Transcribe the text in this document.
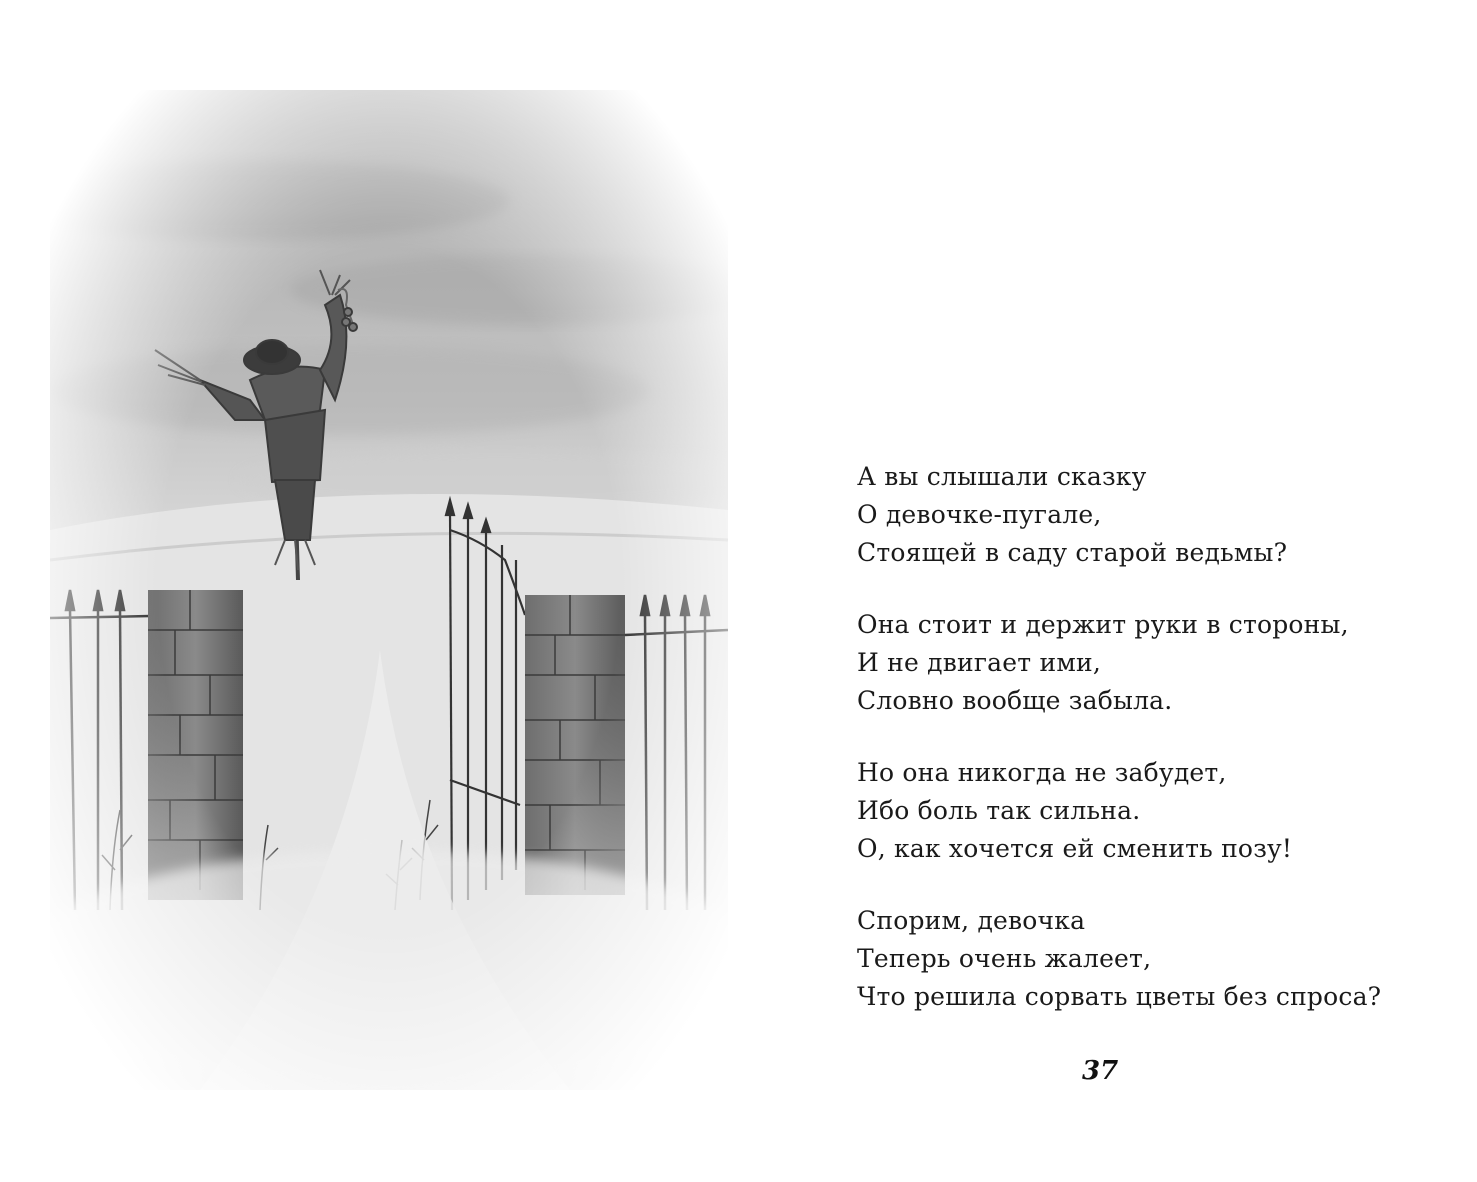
А вы слышали сказку
О девочке-пугале,
Стоящей в саду старой ведьмы?
Она стоит и держит руки в стороны,
И не двигает ими,
Словно вообще забыла.
Но она никогда не забудет,
Ибо боль так сильна.
О, как хочется ей сменить позу!
Спорим, девочка
Теперь очень жалеет,
Что решила сорвать цветы без спроса?
37
